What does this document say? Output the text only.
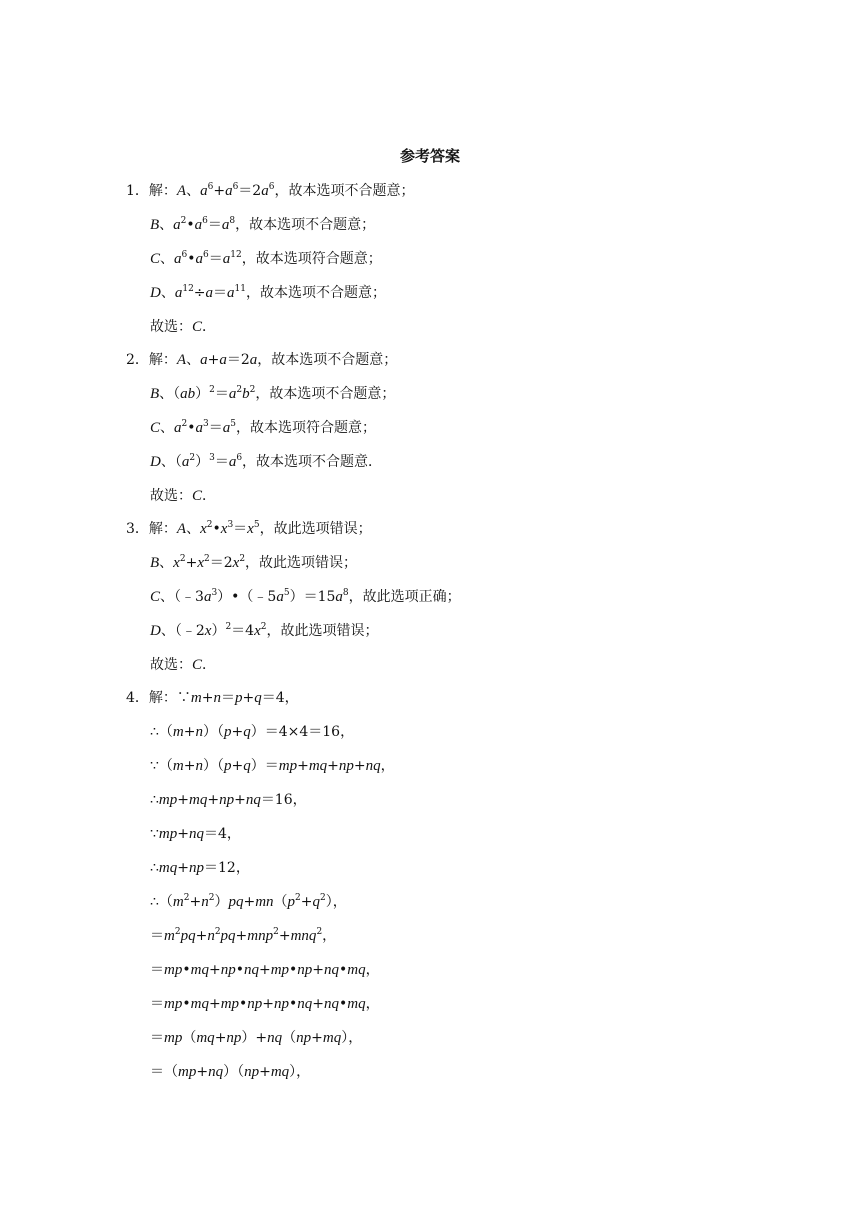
参考答案
1．解：A、$a^6+a^6=2a^6$，故本选项不合题意；
B、$a^2•a^6=a^8$，故本选项不合题意；
C、$a^6•a^6=a^{12}$，故本选项符合题意；
D、$a^{12}\div a=a^{11}$，故本选项不合题意；
故选：C．
2．解：A、a+a＝2a，故本选项不合题意；
B、$(ab)^2=a^2b^2$，故本选项不合题意；
C、$a^2•a^3=a^5$，故本选项符合题意；
D、$(a^2)^3=a^6$，故本选项不合题意．
故选：C．
3．解：A、$x^2•x^3=x^5$，故此选项错误；
B、$x^2+x^2=2x^2$，故此选项错误；
C、$(﹣3a^3)•(﹣5a^5)=15a^8$，故此选项正确；
D、$(﹣2x)^2=4x^2$，故此选项错误；
故选：C．
4．解：∵m+n＝p+q＝4，
∴（m+n）（p+q）＝4×4＝16，
∵（m+n）（p+q）＝mp+mq+np+nq，
∴mp+mq+np+nq＝16，
∵mp+nq＝4，
∴mq+np＝12，
$\therefore(m^2+n^2)pq+mn(p^2+q^2)$，
$=m^2pq+n^2pq+mnp^2+mnq^2$，
＝mp•mq+np•nq+mp•np+nq•mq，
＝mp•mq+mp•np+np•nq+nq•mq，
＝mp（mq+np）+nq（np+mq），
＝（mp+nq）（np+mq），
